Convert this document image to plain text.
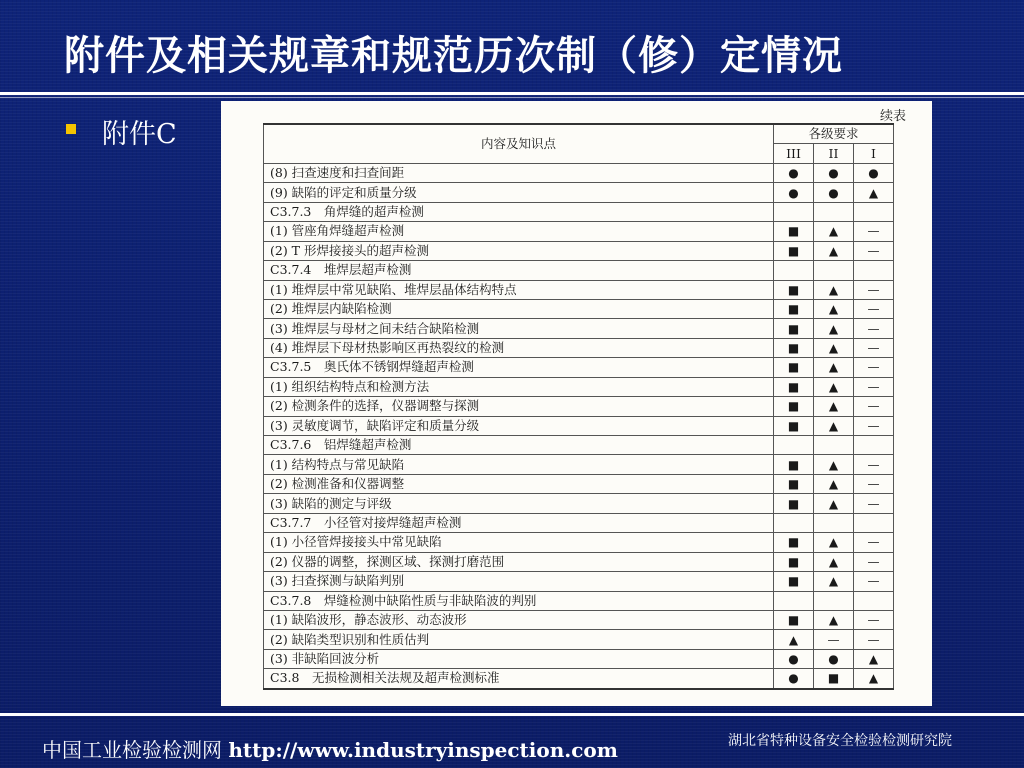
附件及相关规章和规范历次制（修）定情况
附件C
续表
内容及知识点	各级要求		
	III	II	I
(8) 扫查速度和扫查间距	●	●	●
(9) 缺陷的评定和质量分级	●	●	▲
C3.7.3　角焊缝的超声检测			
(1) 管座角焊缝超声检测	■	▲	—
(2) T 形焊接接头的超声检测	■	▲	—
C3.7.4　堆焊层超声检测			
(1) 堆焊层中常见缺陷、堆焊层晶体结构特点	■	▲	—
(2) 堆焊层内缺陷检测	■	▲	—
(3) 堆焊层与母材之间未结合缺陷检测	■	▲	—
(4) 堆焊层下母材热影响区再热裂纹的检测	■	▲	—
C3.7.5　奥氏体不锈钢焊缝超声检测	■	▲	—
(1) 组织结构特点和检测方法	■	▲	—
(2) 检测条件的选择，仪器调整与探测	■	▲	—
(3) 灵敏度调节，缺陷评定和质量分级	■	▲	—
C3.7.6　铝焊缝超声检测			
(1) 结构特点与常见缺陷	■	▲	—
(2) 检测准备和仪器调整	■	▲	—
(3) 缺陷的测定与评级	■	▲	—
C3.7.7　小径管对接焊缝超声检测			
(1) 小径管焊接接头中常见缺陷	■	▲	—
(2) 仪器的调整，探测区域、探测打磨范围	■	▲	—
(3) 扫查探测与缺陷判别	■	▲	—
C3.7.8　焊缝检测中缺陷性质与非缺陷波的判别			
(1) 缺陷波形，静态波形、动态波形	■	▲	—
(2) 缺陷类型识别和性质估判	▲	—	—
(3) 非缺陷回波分析	●	●	▲
C3.8　无损检测相关法规及超声检测标准	●	■	▲
中国工业检验检测网 http://www.industryinspection.com	湖北省特种设备安全检验检测研究院
